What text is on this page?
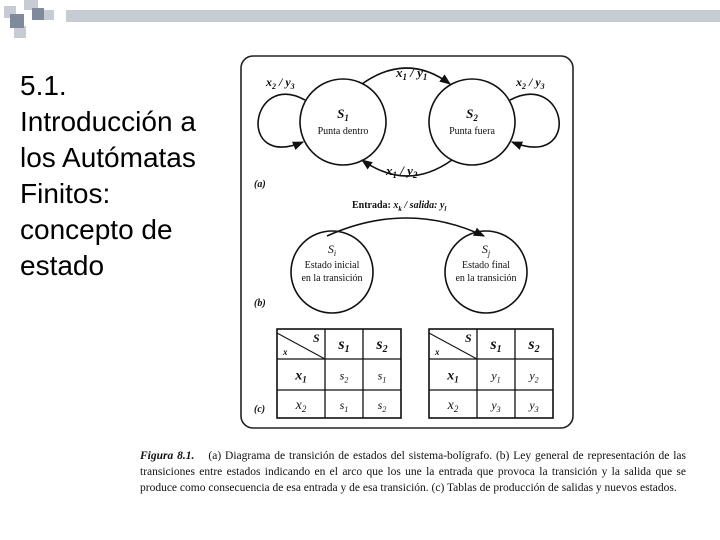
5.1.
Introducción a
los Autómatas
Finitos:
concepto de
estado
$S_1$
Punta dentro
$S_2$
Punta fuera
$x_2 / y_3$	$x_2 / y_3$
$x_1 / y_1$
$x_1 / y_2$
(a)
Entrada: $x_k$ / salida: $y_l$
$S_i$
Estado inicial
en la transición
$S_j$
Estado final
en la transición
(b)
(c)
S
x	s1 s2
$x_1$	$s_2$ $s_1$
$x_2$	$s_1$ $s_2$
S
x	s1 s2
$x_1$	$y_1$ $y_2$
$x_2$	$y_3$ $y_3$

Figura 8.1. (a) Diagrama de transición de estados del sistema-bolígrafo. (b) Ley general de representación de las transiciones entre estados indicando en el arco que los une la entrada que provoca la transición y la salida que se produce como consecuencia de esa entrada y de esa transición. (c) Tablas de producción de salidas y nuevos estados.
